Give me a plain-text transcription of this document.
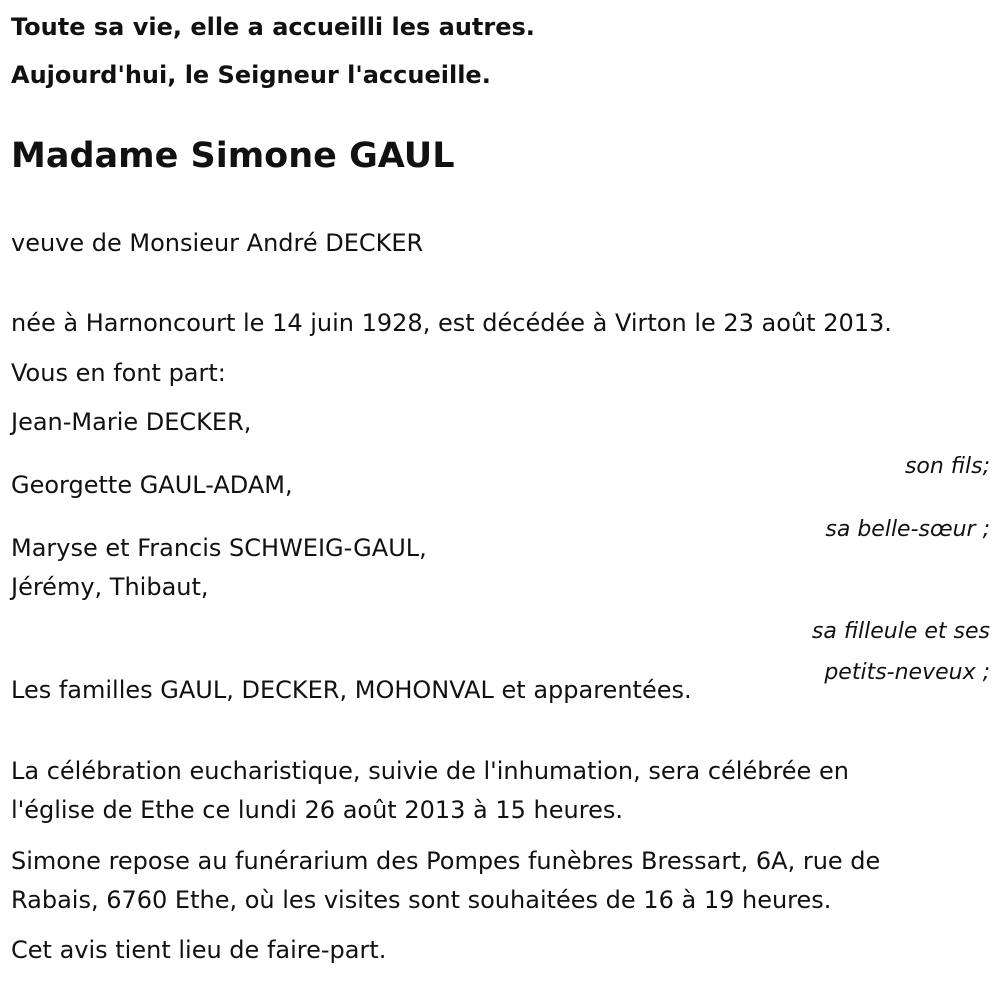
Toute sa vie, elle a accueilli les autres.

Aujourd'hui, le Seigneur l'accueille.

Madame Simone GAUL

veuve de Monsieur André DECKER

née à Harnoncourt le 14 juin 1928, est décédée à Virton le 23 août 2013.

Vous en font part:

Jean-Marie DECKER,

son fils;

Georgette GAUL-ADAM,

sa belle-sœur ;

Maryse et Francis SCHWEIG-GAUL,

Jérémy, Thibaut,

sa filleule et ses

petits-neveux ;

Les familles GAUL, DECKER, MOHONVAL et apparentées.

La célébration eucharistique, suivie de l'inhumation, sera célébrée en

l'église de Ethe ce lundi 26 août 2013 à 15 heures.

Simone repose au funérarium des Pompes funèbres Bressart, 6A, rue de

Rabais, 6760 Ethe, où les visites sont souhaitées de 16 à 19 heures.

Cet avis tient lieu de faire-part.
